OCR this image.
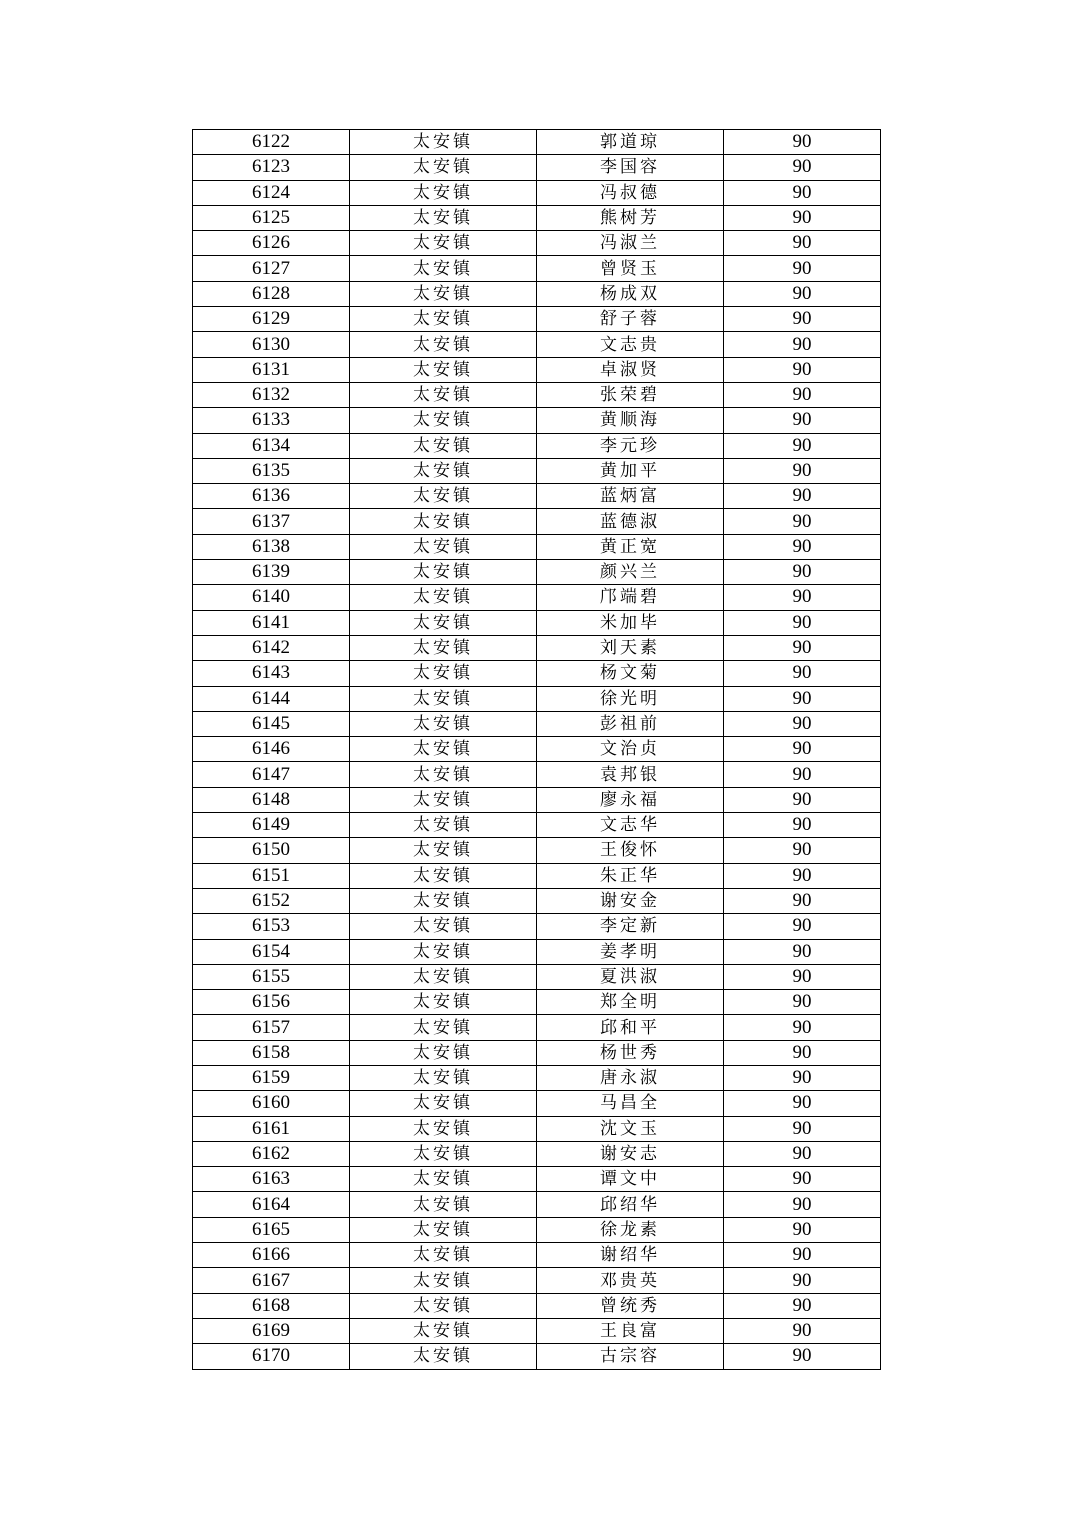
6122	太安镇	郭道琼	90
6123	太安镇	李国容	90
6124	太安镇	冯叔德	90
6125	太安镇	熊树芳	90
6126	太安镇	冯淑兰	90
6127	太安镇	曾贤玉	90
6128	太安镇	杨成双	90
6129	太安镇	舒子蓉	90
6130	太安镇	文志贵	90
6131	太安镇	卓淑贤	90
6132	太安镇	张荣碧	90
6133	太安镇	黄顺海	90
6134	太安镇	李元珍	90
6135	太安镇	黄加平	90
6136	太安镇	蓝炳富	90
6137	太安镇	蓝德淑	90
6138	太安镇	黄正宽	90
6139	太安镇	颜兴兰	90
6140	太安镇	邝端碧	90
6141	太安镇	米加毕	90
6142	太安镇	刘天素	90
6143	太安镇	杨文菊	90
6144	太安镇	徐光明	90
6145	太安镇	彭祖前	90
6146	太安镇	文治贞	90
6147	太安镇	袁邦银	90
6148	太安镇	廖永福	90
6149	太安镇	文志华	90
6150	太安镇	王俊怀	90
6151	太安镇	朱正华	90
6152	太安镇	谢安金	90
6153	太安镇	李定新	90
6154	太安镇	姜孝明	90
6155	太安镇	夏洪淑	90
6156	太安镇	郑全明	90
6157	太安镇	邱和平	90
6158	太安镇	杨世秀	90
6159	太安镇	唐永淑	90
6160	太安镇	马昌全	90
6161	太安镇	沈文玉	90
6162	太安镇	谢安志	90
6163	太安镇	谭文中	90
6164	太安镇	邱绍华	90
6165	太安镇	徐龙素	90
6166	太安镇	谢绍华	90
6167	太安镇	邓贵英	90
6168	太安镇	曾统秀	90
6169	太安镇	王良富	90
6170	太安镇	古宗容	90
